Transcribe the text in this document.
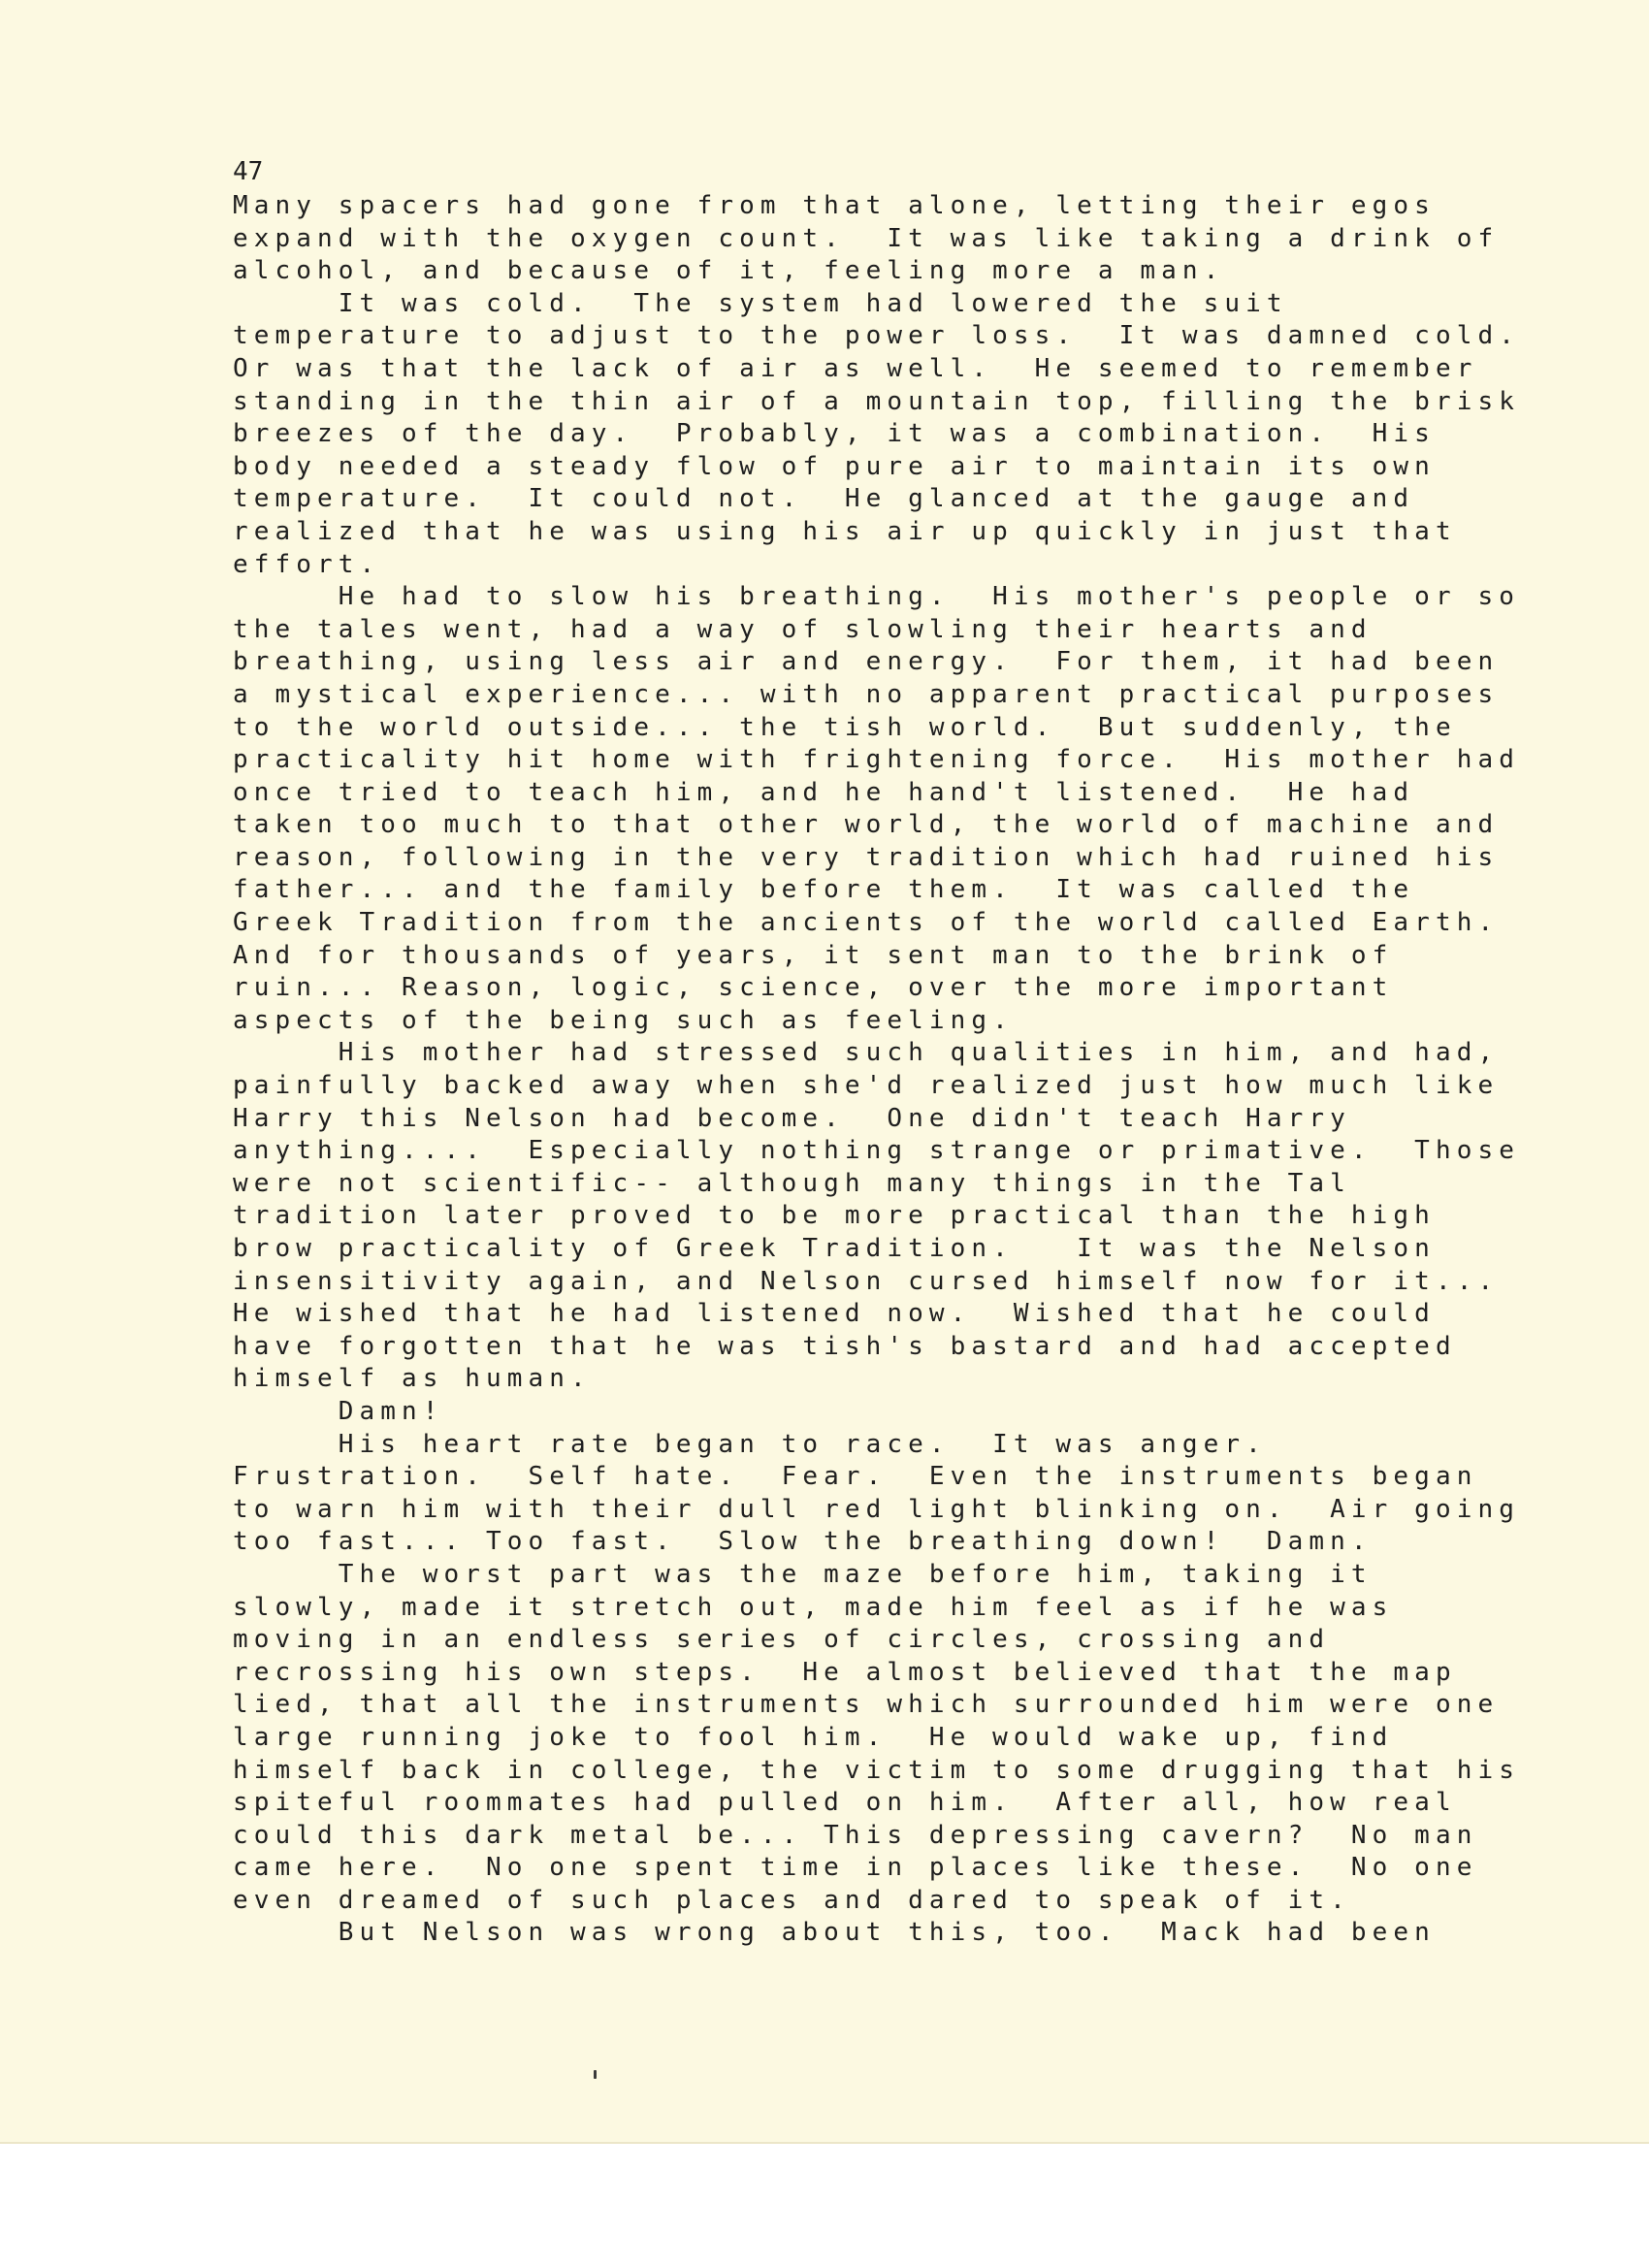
47

Many spacers had gone from that alone, letting their egos
expand with the oxygen count.  It was like taking a drink of
alcohol, and because of it, feeling more a man.
It was cold.  The system had lowered the suit
temperature to adjust to the power loss.  It was damned cold.
Or was that the lack of air as well.  He seemed to remember
standing in the thin air of a mountain top, filling the brisk
breezes of the day.  Probably, it was a combination.  His
body needed a steady flow of pure air to maintain its own
temperature.  It could not.  He glanced at the gauge and
realized that he was using his air up quickly in just that
effort.
He had to slow his breathing.  His mother's people or so
the tales went, had a way of slowling their hearts and
breathing, using less air and energy.  For them, it had been
a mystical experience... with no apparent practical purposes
to the world outside... the tish world.  But suddenly, the
practicality hit home with frightening force.  His mother had
once tried to teach him, and he hand't listened.  He had
taken too much to that other world, the world of machine and
reason, following in the very tradition which had ruined his
father... and the family before them.  It was called the
Greek Tradition from the ancients of the world called Earth.
And for thousands of years, it sent man to the brink of
ruin... Reason, logic, science, over the more important
aspects of the being such as feeling.
His mother had stressed such qualities in him, and had,
painfully backed away when she'd realized just how much like
Harry this Nelson had become.  One didn't teach Harry
anything....  Especially nothing strange or primative.  Those
were not scientific-- although many things in the Tal
tradition later proved to be more practical than the high
brow practicality of Greek Tradition.   It was the Nelson
insensitivity again, and Nelson cursed himself now for it...
He wished that he had listened now.  Wished that he could
have forgotten that he was tish's bastard and had accepted
himself as human.
Damn!
His heart rate began to race.  It was anger.
Frustration.  Self hate.  Fear.  Even the instruments began
to warn him with their dull red light blinking on.  Air going
too fast... Too fast.  Slow the breathing down!  Damn.
The worst part was the maze before him, taking it
slowly, made it stretch out, made him feel as if he was
moving in an endless series of circles, crossing and
recrossing his own steps.  He almost believed that the map
lied, that all the instruments which surrounded him were one
large running joke to fool him.  He would wake up, find
himself back in college, the victim to some drugging that his
spiteful roommates had pulled on him.  After all, how real
could this dark metal be... This depressing cavern?  No man
came here.  No one spent time in places like these.  No one
even dreamed of such places and dared to speak of it.
But Nelson was wrong about this, too.  Mack had been
